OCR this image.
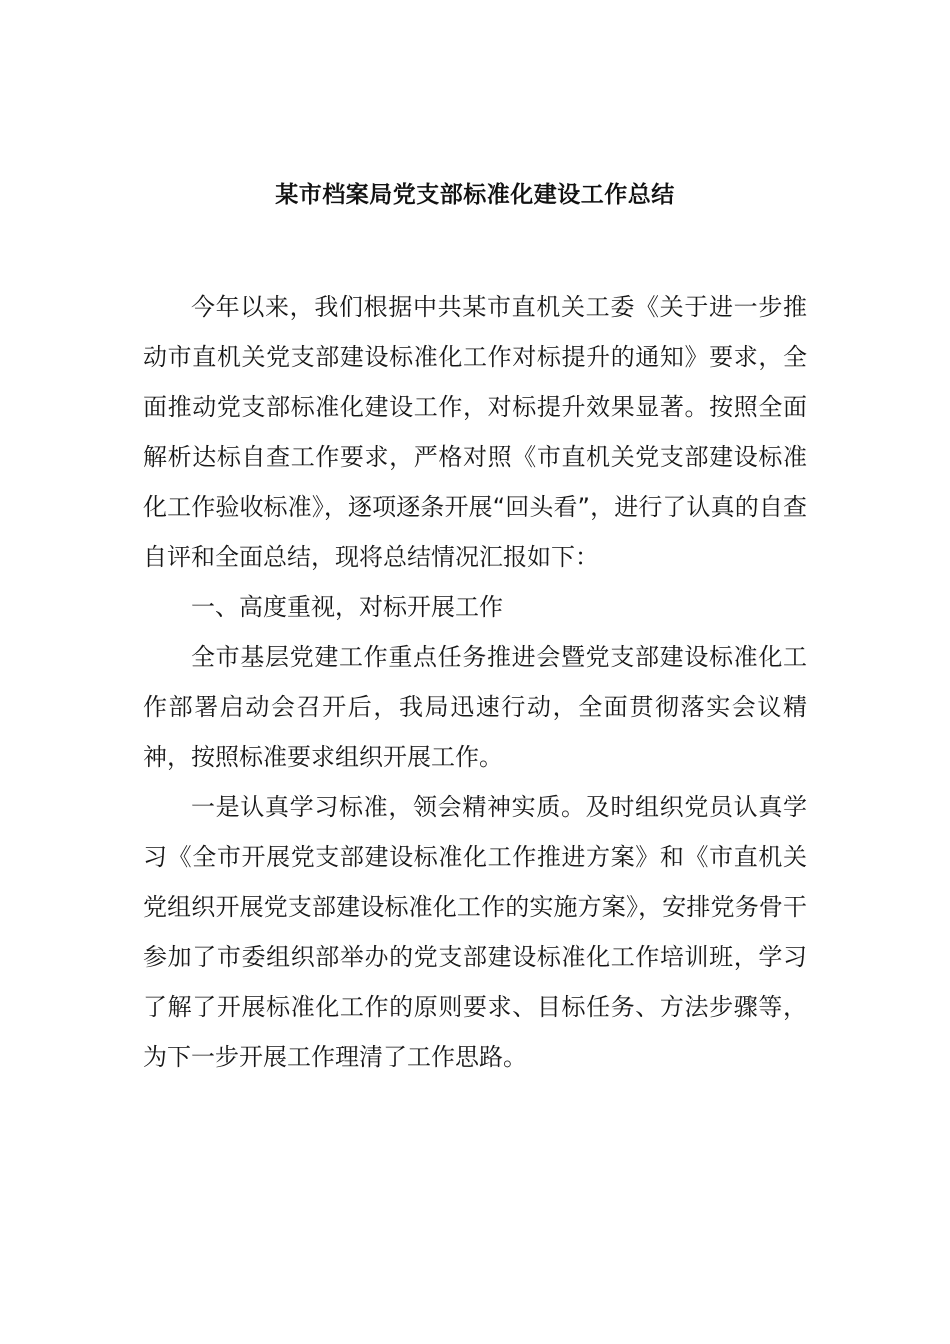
某市档案局党支部标准化建设工作总结

今年以来，我们根据中共某市直机关工委《关于进一步推动市直机关党支部建设标准化工作对标提升的通知》要求，全面推动党支部标准化建设工作，对标提升效果显著。按照全面解析达标自查工作要求，严格对照《市直机关党支部建设标准化工作验收标准》，逐项逐条开展“回头看”，进行了认真的自查自评和全面总结，现将总结情况汇报如下：

一、高度重视，对标开展工作

全市基层党建工作重点任务推进会暨党支部建设标准化工作部署启动会召开后，我局迅速行动，全面贯彻落实会议精神，按照标准要求组织开展工作。

一是认真学习标准，领会精神实质。及时组织党员认真学习《全市开展党支部建设标准化工作推进方案》和《市直机关党组织开展党支部建设标准化工作的实施方案》，安排党务骨干参加了市委组织部举办的党支部建设标准化工作培训班，学习了解了开展标准化工作的原则要求、目标任务、方法步骤等，为下一步开展工作理清了工作思路。
